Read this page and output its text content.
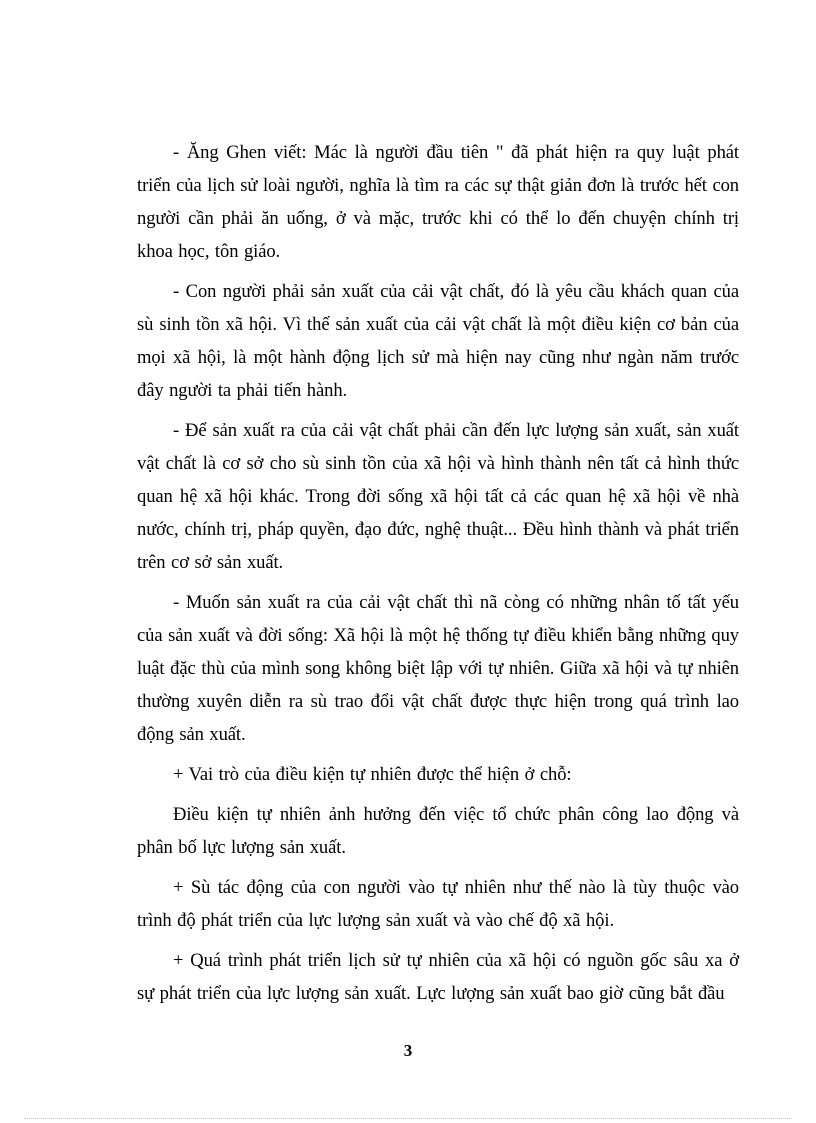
- Ăng Ghen viết: Mác là người đầu tiên " đã phát hiện ra quy luật phát triển của lịch sử loài người, nghĩa là tìm ra các sự thật giản đơn là trước hết con người cần phải ăn uống, ở và mặc, trước khi có thể lo đến chuyện chính trị khoa học, tôn giáo.

- Con người phải sản xuất của cải vật chất, đó là yêu cầu khách quan của sù sinh tồn xã hội. Vì thế sản xuất của cải vật chất là một điều kiện cơ bản của mọi xã hội, là một hành động lịch sử mà hiện nay cũng như ngàn năm trước đây người ta phải tiến hành.

- Để sản xuất ra của cải vật chất phải cần đến lực lượng sản xuất, sản xuất vật chất là cơ sở cho sù sinh tồn của xã hội và hình thành nên tất cả hình thức quan hệ xã hội khác. Trong đời sống xã hội tất cả các quan hệ xã hội về nhà nước, chính trị, pháp quyền, đạo đức, nghệ thuật... Đều hình thành và phát triển trên cơ sở sản xuất.

- Muốn sản xuất ra của cải vật chất thì nã còng có những nhân tố tất yếu của sản xuất và đời sống: Xã hội là một hệ thống tự điều khiển bằng những quy luật đặc thù của mình song không biệt lập với tự nhiên. Giữa xã hội và tự nhiên thường xuyên diễn ra sù trao đổi vật chất được thực hiện trong quá trình lao động sản xuất.

+ Vai trò của điều kiện tự nhiên được thể hiện ở chỗ:

Điều kiện tự nhiên ảnh hưởng đến việc tổ chức phân công lao động và phân bố lực lượng sản xuất.

+ Sù tác động của con người vào tự nhiên như thế nào là tùy thuộc vào trình độ phát triển của lực lượng sản xuất và vào chế độ xã hội.

+ Quá trình phát triển lịch sử tự nhiên của xã hội có nguồn gốc sâu xa ở sự phát triển của lực lượng sản xuất. Lực lượng sản xuất bao giờ cũng bắt đầu

3
